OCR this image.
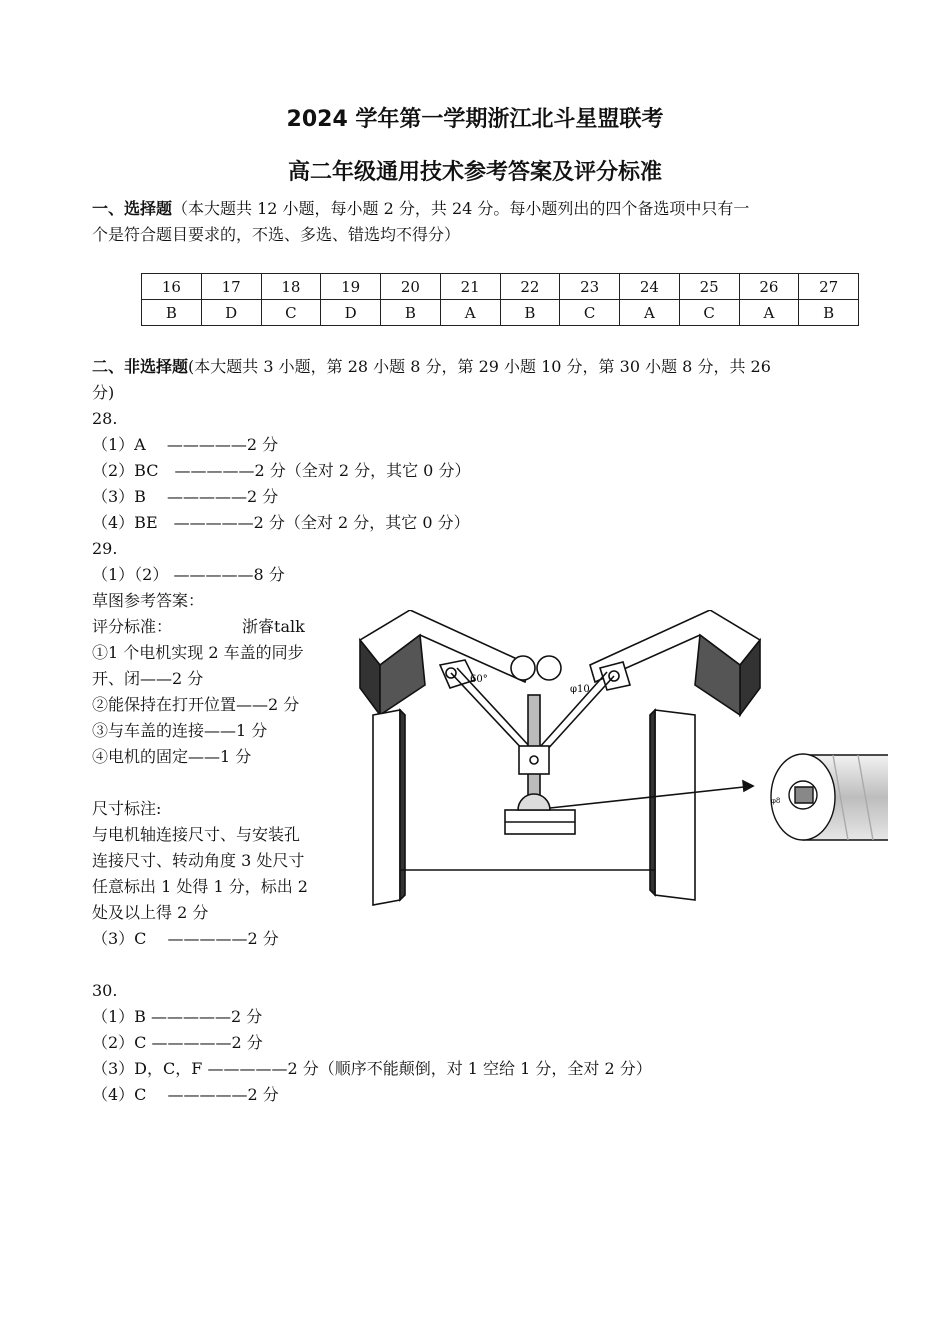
2024 学年第一学期浙江北斗星盟联考
高二年级通用技术参考答案及评分标准
一、选择题（本大题共 12 小题，每小题 2 分，共 24 分。每小题列出的四个备选项中只有一
个是符合题目要求的，不选、多选、错选均不得分）
16	17	18	19	20	21	22	23	24	25	26	27
B	D	C	D	B	A	B	C	A	C	A	B
二、非选择题(本大题共 3 小题，第 28 小题 8 分，第 29 小题 10 分，第 30 小题 8 分，共 26
分)
28.
（1）A　 —————2 分
（2）BC　—————2 分（全对 2 分，其它 0 分）
（3）B　 —————2 分
（4）BE　—————2 分（全对 2 分，其它 0 分）
29.
（1）（2） —————8 分
草图参考答案：
评分标准：	浙睿talk
①1 个电机实现 2 车盖的同步
开、闭——2 分
②能保持在打开位置——2 分
③与车盖的连接——1 分
④电机的固定——1 分
尺寸标注:
与电机轴连接尺寸、与安装孔
连接尺寸、转动角度 3 处尺寸
任意标出 1 处得 1 分，标出 2
处及以上得 2 分
（3）C　 —————2 分
30.
（1）B —————2 分
（2）C —————2 分
（3）D，C，F —————2 分（顺序不能颠倒，对 1 空给 1 分，全对 2 分）
（4）C　 —————2 分
60°
φ10
φ8
